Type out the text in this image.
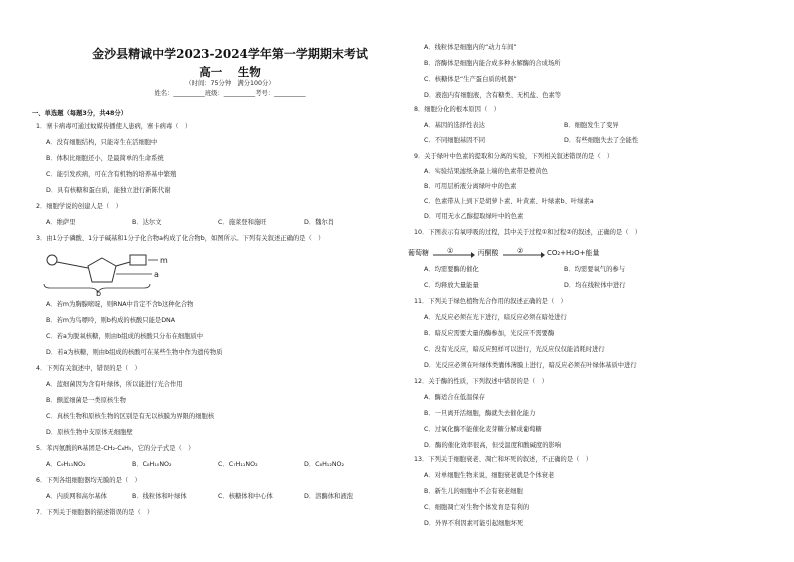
金沙县精诚中学2023-2024学年第一学期期末考试
高一　 生物
（时间：75分钟　满分100分）
姓名：__________班级：__________考号：__________
一、单选题（每题3分，共48分）
1．寨卡病毒可通过蚊媒传播使人患病，寨卡病毒（　）
A．没有细胞结构，只能寄生在活细胞中
B．体积比细胞还小，是最简单的生命系统
C．能引发疾病，可在含有机物的培养基中繁殖
D．具有核糖和蛋白质，能独立进行新陈代谢
2．细胞学说的创建人是（　）
A．维萨里	B．达尔文	C．施莱登和施旺	D．魏尔肖
3．由1分子磷酸、1分子碱基和1分子化合物a构成了化合物b，如图所示。下列有关叙述正确的是（　）
m
a
b
A．若m为胸腺嘧啶，则RNA中肯定不含b这种化合物
B．若m为鸟嘌呤，则b构成的核酸只能是DNA
C．若a为脱氧核糖，则由b组成的核酸只分布在细胞质中
D．若a为核糖，则由b组成的核酸可在某些生物中作为遗传物质
4．下列有关叙述中，错误的是（　）
A．蓝细菌因为含有叶绿体，所以能进行光合作用
B．颤蓝细菌是一类原核生物
C．真核生物和原核生物的区别是有无以核膜为界限的细胞核
D．原核生物中支原体无细胞壁
5．苯丙氨酸的R基团是-CH₂-C₆H₅，它的分子式是（　）
A．C₉H₁₁NO₂	B．C₈H₁₀NO₂	C．C₇H₁₁NO₂	D．C₈H₁₂NO₂
6．下列各组细胞器均无膜的是（　）
A．内质网和高尔基体	B．线粒体和叶绿体	C．核糖体和中心体	D．溶酶体和液泡
7．下列关于细胞器的描述错误的是（　）
A．线粒体是细胞内的“动力车间”
B．溶酶体是细胞内能合成多种水解酶的合成场所
C．核糖体是“生产蛋白质的机器”
D．液泡内有细胞液，含有糖类、无机盐、色素等
8．细胞分化的根本原因（　）
A．基因的选择性表达	B．细胞发生了变异
C．不同细胞基因不同	D．有些细胞失去了全能性
9．关于绿叶中色素的提取和分离的实验，下列相关叙述错误的是（　）
A．实验结果滤纸条最上端的色素带是橙黄色
B．可用层析液分离绿叶中的色素
C．色素带从上到下是胡萝卜素、叶黄素、叶绿素b、叶绿素a
D．可用无水乙醇提取绿叶中的色素
10．下图表示有氧呼吸的过程，其中关于过程①和过程②的叙述，正确的是（　）
葡萄糖	①	丙酮酸	②	CO₂+H₂O+能量
A．均需要酶的催化	B．均需要氧气的参与
C．均释放大量能量	D．均在线粒体中进行
11．下列关于绿色植物光合作用的叙述正确的是（　）
A．光反应必须在光下进行，暗反应必须在暗处进行
B．暗反应需要大量的酶参加，光反应不需要酶
C．没有光反应，暗反应照样可以进行，光反应仅仅能消耗时进行
D．光反应必须在叶绿体类囊体薄膜上进行，暗反应必须在叶绿体基质中进行
12．关于酶的性质，下列叙述中错误的是（　）
A．酶适合在低温保存
B．一旦离开活细胞，酶就失去催化能力
C．过氧化酶不能催化麦芽糖分解成葡萄糖
D．酶的催化效率很高，但受温度和酸碱度的影响
13．下列关于细胞衰老、凋亡和坏死的叙述，不正确的是（　）
A．对单细胞生物来说，细胞衰老就是个体衰老
B．新生儿的细胞中不会有衰老细胞
C．细胞凋亡对生物个体发育是有利的
D．外界不利因素可能引起细胞坏死
